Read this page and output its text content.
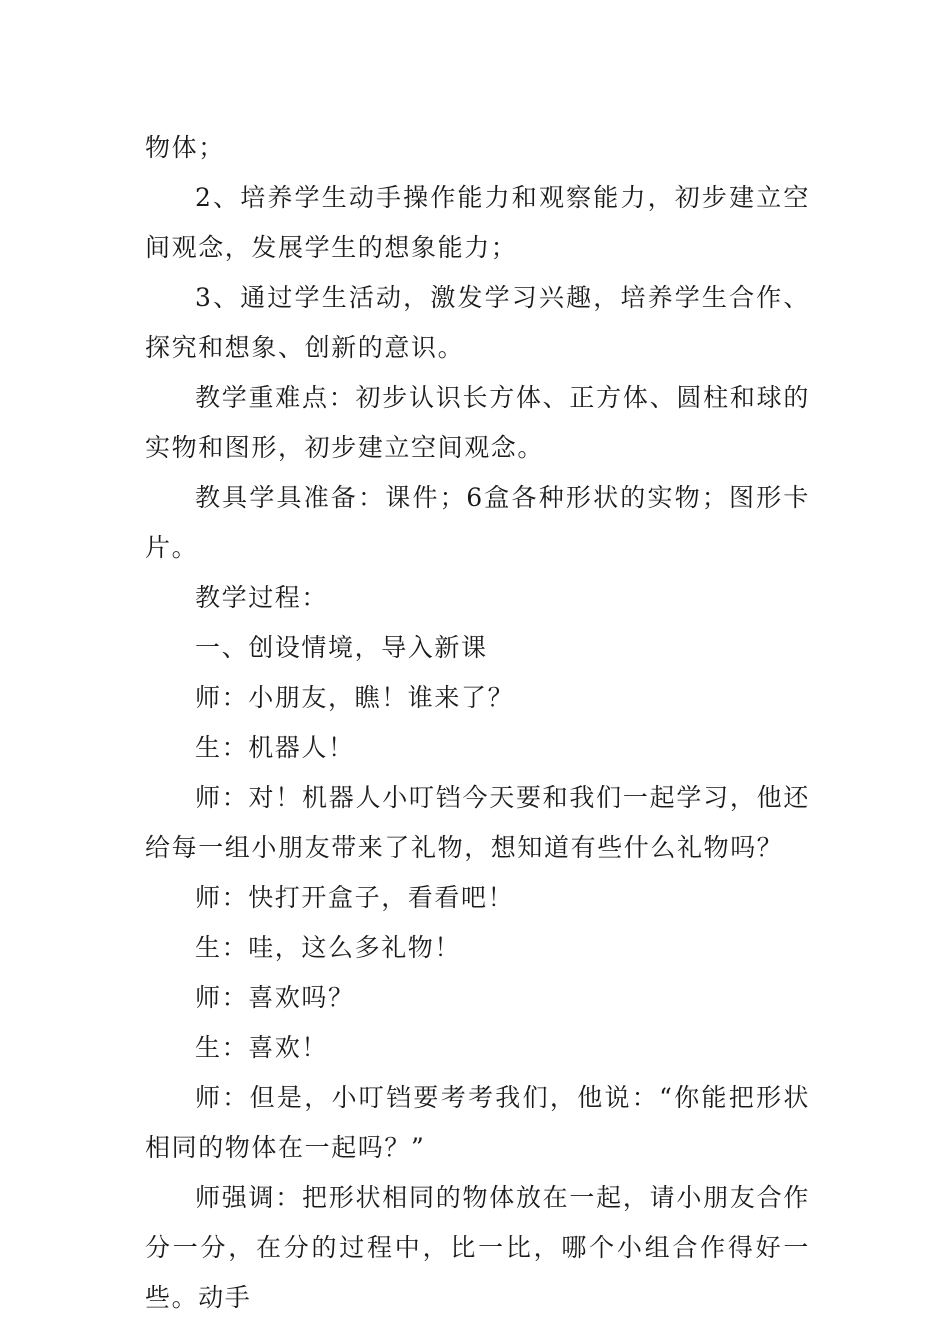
物体；

2、培养学生动手操作能力和观察能力，初步建立空间观念，发展学生的想象能力；

3、通过学生活动，激发学习兴趣，培养学生合作、探究和想象、创新的意识。

教学重难点：初步认识长方体、正方体、圆柱和球的实物和图形，初步建立空间观念。

教具学具准备：课件；6盒各种形状的实物；图形卡片。

教学过程：

一、创设情境，导入新课

师：小朋友，瞧！谁来了？

生：机器人！

师：对！机器人小叮铛今天要和我们一起学习，他还给每一组小朋友带来了礼物，想知道有些什么礼物吗？

师：快打开盒子，看看吧！

生：哇，这么多礼物！

师：喜欢吗？

生：喜欢！

师：但是，小叮铛要考考我们，他说：“你能把形状相同的物体在一起吗？”

师强调：把形状相同的物体放在一起，请小朋友合作分一分，在分的过程中，比一比，哪个小组合作得好一些。动手
